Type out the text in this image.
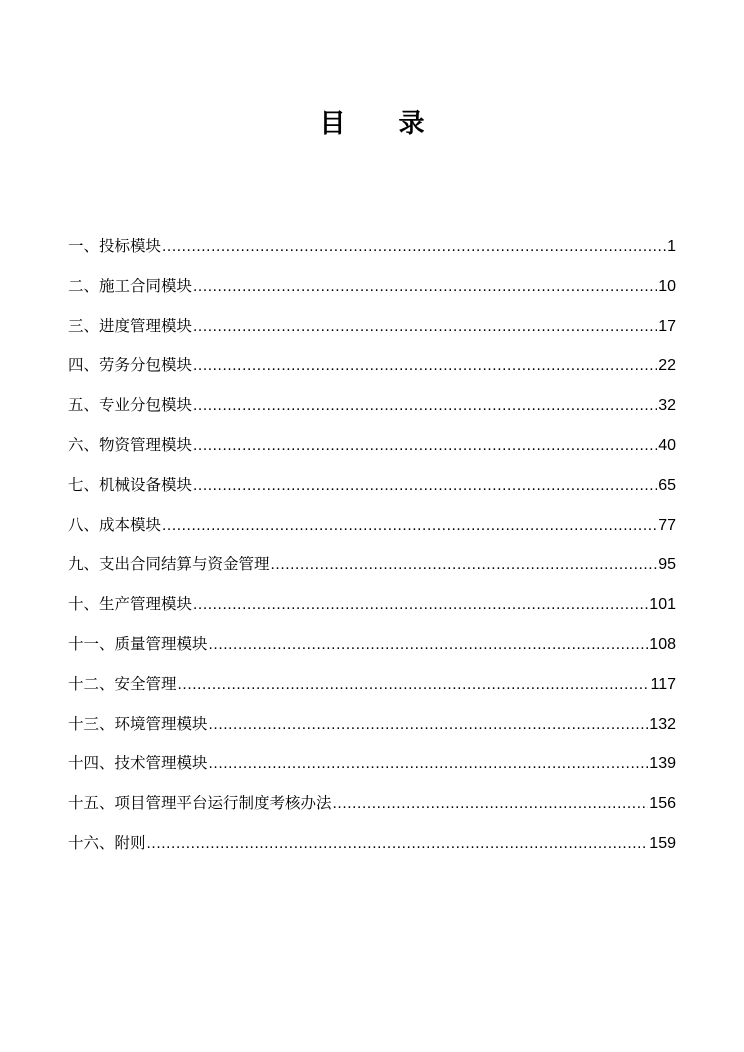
目 录
一、投标模块 .....	1
二、施工合同模块 .....	10
三、进度管理模块 .....	17
四、劳务分包模块 .....	22
五、专业分包模块 .....	32
六、物资管理模块 .....	40
七、机械设备模块 .....	65
八、成本模块 .....	77
九、支出合同结算与资金管理 .....	95
十、生产管理模块 .....	101
十一、质量管理模块 .....	108
十二、安全管理 .....	117
十三、环境管理模块 .....	132
十四、技术管理模块 .....	139
十五、项目管理平台运行制度考核办法 .....	156
十六、附则 .....	159
